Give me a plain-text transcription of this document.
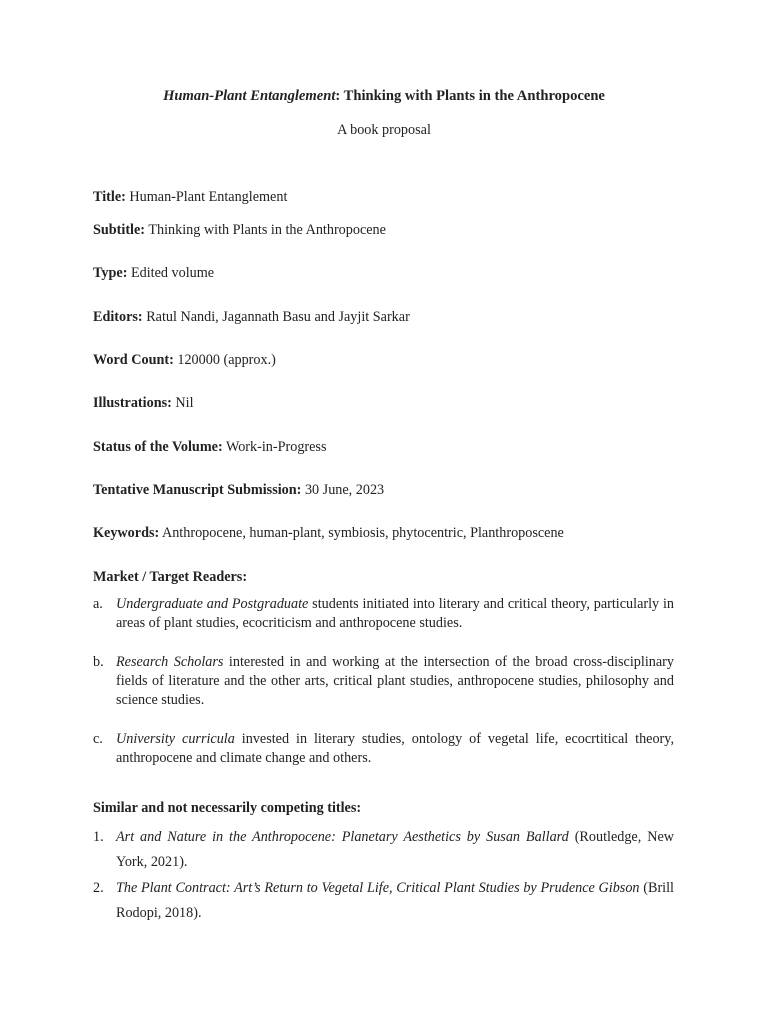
Human-Plant Entanglement: Thinking with Plants in the Anthropocene
A book proposal
Title: Human-Plant Entanglement
Subtitle: Thinking with Plants in the Anthropocene
Type: Edited volume
Editors: Ratul Nandi, Jagannath Basu and Jayjit Sarkar
Word Count: 120000 (approx.)
Illustrations: Nil
Status of the Volume: Work-in-Progress
Tentative Manuscript Submission: 30 June, 2023
Keywords: Anthropocene, human-plant, symbiosis, phytocentric, Planthroposcene
Market / Target Readers:
a. Undergraduate and Postgraduate students initiated into literary and critical theory, particularly in areas of plant studies, ecocriticism and anthropocene studies.
b. Research Scholars interested in and working at the intersection of the broad cross-disciplinary fields of literature and the other arts, critical plant studies, anthropocene studies, philosophy and science studies.
c. University curricula invested in literary studies, ontology of vegetal life, ecocrtitical theory, anthropocene and climate change and others.
Similar and not necessarily competing titles:
1. Art and Nature in the Anthropocene: Planetary Aesthetics by Susan Ballard (Routledge, New York, 2021).
2. The Plant Contract: Art’s Return to Vegetal Life, Critical Plant Studies by Prudence Gibson (Brill Rodopi, 2018).
